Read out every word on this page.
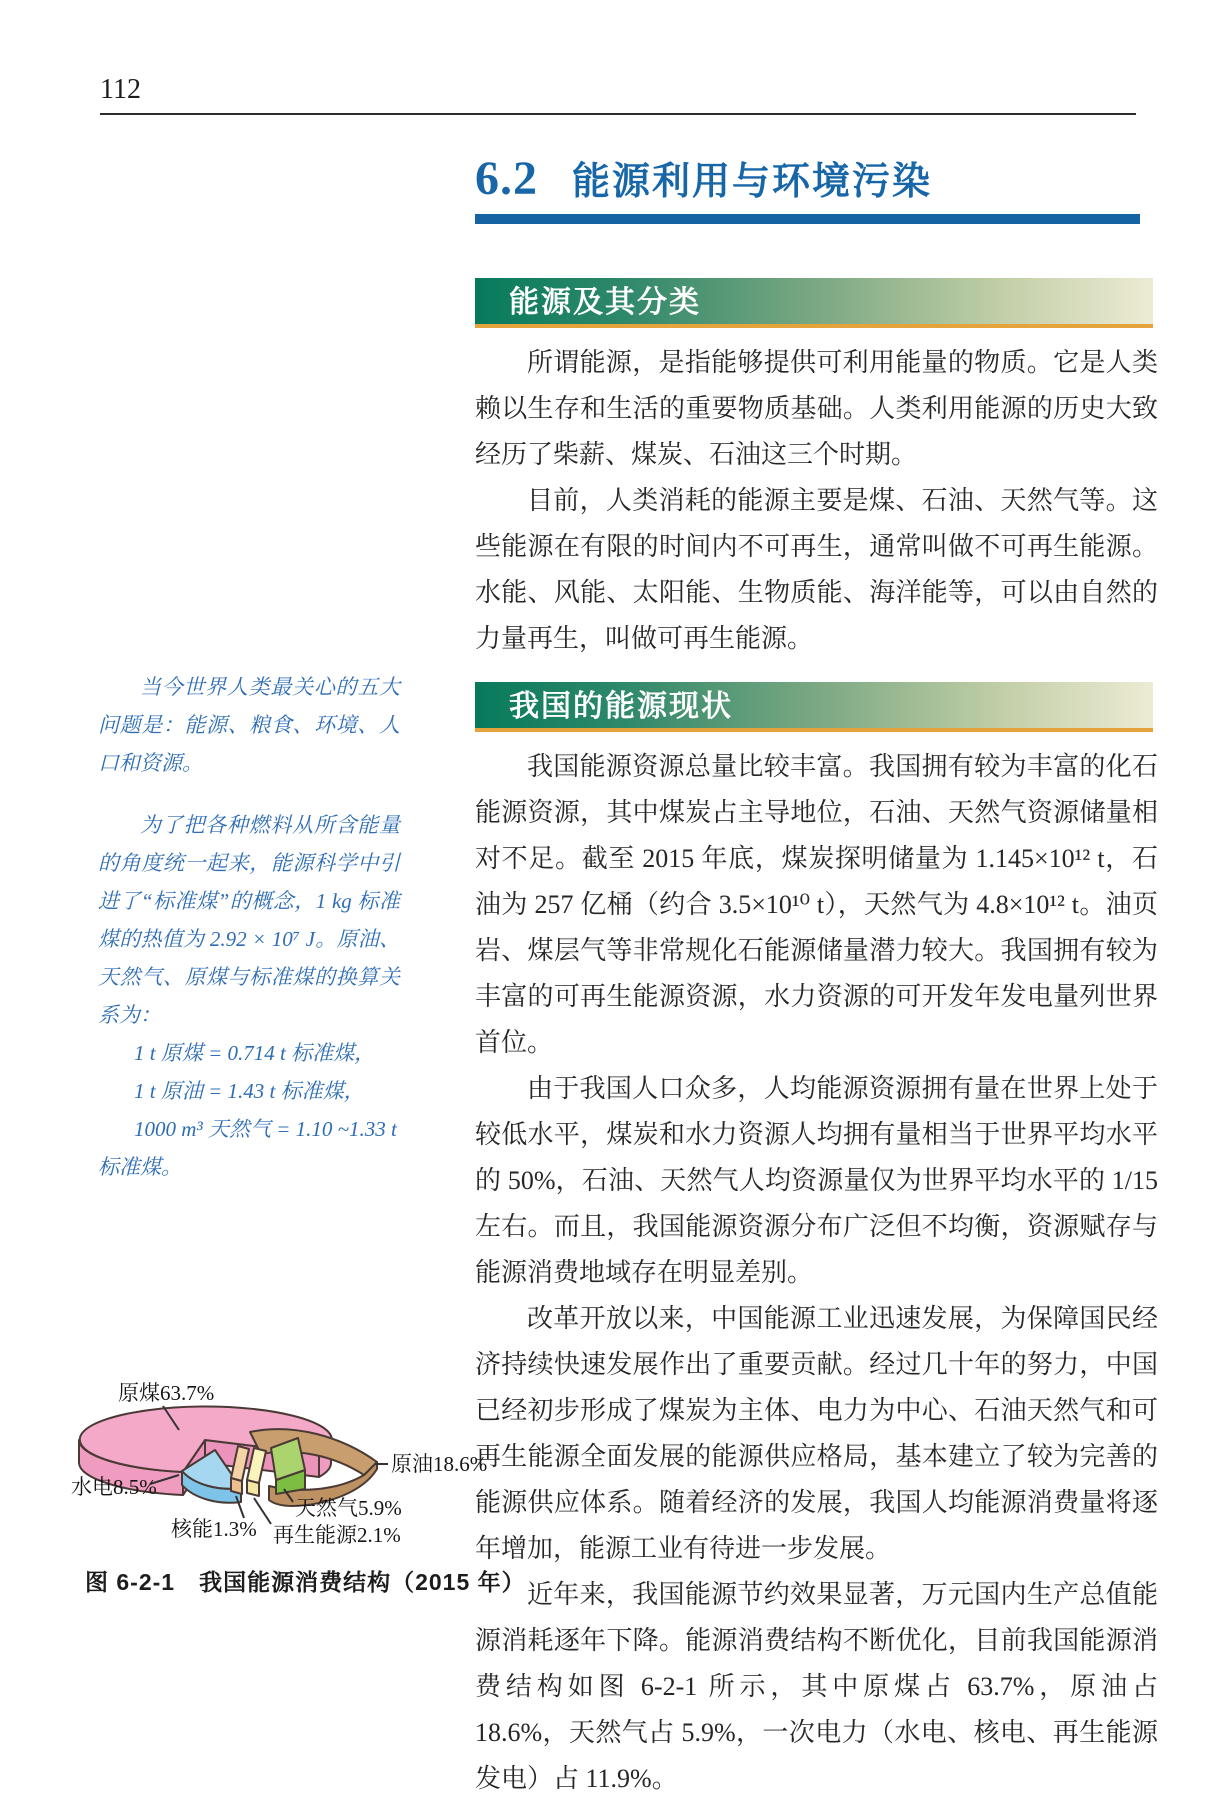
112

当今世界人类最关心的五大问题是：能源、粮食、环境、人口和资源。

为了把各种燃料从所含能量的角度统一起来，能源科学中引进了“标准煤”的概念，1 kg 标准煤的热值为 2.92 × 10⁷ J。原油、天然气、原煤与标准煤的换算关系为：

1 t 原煤 = 0.714 t 标准煤，

1 t 原油 = 1.43 t 标准煤，

1000 m³ 天然气 = 1.10 ~1.33 t 标准煤。

6.2 能源利用与环境污染
能源及其分类

所谓能源，是指能够提供可利用能量的物质。它是人类赖以生存和生活的重要物质基础。人类利用能源的历史大致经历了柴薪、煤炭、石油这三个时期。

目前，人类消耗的能源主要是煤、石油、天然气等。这些能源在有限的时间内不可再生，通常叫做不可再生能源。水能、风能、太阳能、生物质能、海洋能等，可以由自然的力量再生，叫做可再生能源。

我国的能源现状

我国能源资源总量比较丰富。我国拥有较为丰富的化石能源资源，其中煤炭占主导地位，石油、天然气资源储量相对不足。截至 2015 年底，煤炭探明储量为 1.145×10¹² t，石油为 257 亿桶（约合 3.5×10¹⁰ t），天然气为 4.8×10¹² t。油页岩、煤层气等非常规化石能源储量潜力较大。我国拥有较为丰富的可再生能源资源，水力资源的可开发年发电量列世界首位。

由于我国人口众多，人均能源资源拥有量在世界上处于较低水平，煤炭和水力资源人均拥有量相当于世界平均水平的 50%，石油、天然气人均资源量仅为世界平均水平的 1/15 左右。而且，我国能源资源分布广泛但不均衡，资源赋存与能源消费地域存在明显差别。

改革开放以来，中国能源工业迅速发展，为保障国民经济持续快速发展作出了重要贡献。经过几十年的努力，中国已经初步形成了煤炭为主体、电力为中心、石油天然气和可再生能源全面发展的能源供应格局，基本建立了较为完善的能源供应体系。随着经济的发展，我国人均能源消费量将逐年增加，能源工业有待进一步发展。

近年来，我国能源节约效果显著，万元国内生产总值能源消耗逐年下降。能源消费结构不断优化，目前我国能源消费结构如图 6-2-1 所示，其中原煤占 63.7%，原油占 18.6%，天然气占 5.9%，一次电力（水电、核电、再生能源发电）占 11.9%。

原煤63.7%
原油18.6%
水电8.5%
核能1.3% 再生能源2.1%
天然气5.9%
图 6-2-1　我国能源消费结构（2015 年）
